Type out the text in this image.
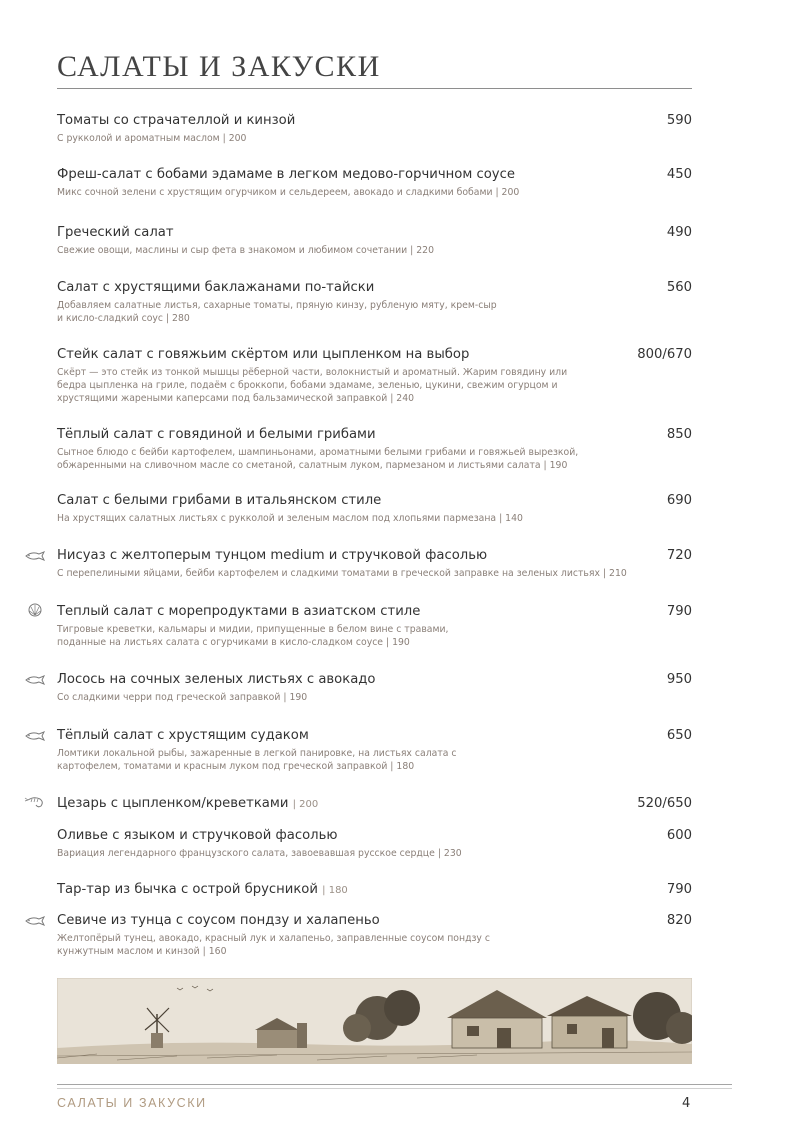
САЛАТЫ И ЗАКУСКИ
Томаты со страчателлой и кинзой	590
С рукколой и ароматным маслом | 200
Фреш-салат с бобами эдамаме в легком медово-горчичном соусе	450
Микс сочной зелени с хрустящим огурчиком и сельдереем, авокадо и сладкими бобами | 200
Греческий салат	490
Свежие овощи, маслины и сыр фета в знакомом и любимом сочетании | 220
Салат с хрустящими баклажанами по-тайски	560
Добавляем салатные листья, сахарные томаты, пряную кинзу, рубленую мяту, крем-сыр и кисло-сладкий соус | 280
Стейк салат с говяжьим скёртом или цыпленком на выбор	800/670
Скёрт — это стейк из тонкой мышцы рёберной части, волокнистый и ароматный. Жарим говядину или бедра цыпленка на гриле, подаём с броккопи, бобами эдамаме, зеленью, цукини, свежим огурцом и хрустящими жареными каперсами под бальзамической заправкой | 240
Тёплый салат с говядиной и белыми грибами	850
Сытное блюдо с бейби картофелем, шампиньонами, ароматными белыми грибами и говяжьей вырезкой, обжаренными на сливочном масле со сметаной, салатным луком, пармезаном и листьями салата | 190
Салат с белыми грибами в итальянском стиле	690
На хрустящих салатных листьях с рукколой и зеленым маслом под хлопьями пармезана | 140
Нисуаз с желтоперым тунцом medium и стручковой фасолью	720
С перепелиными яйцами, бейби картофелем и сладкими томатами в греческой заправке на зеленых листьях | 210
Теплый салат с морепродуктами в азиатском стиле	790
Тигровые креветки, кальмары и мидии, припущенные в белом вине с травами, поданные на листьях салата с огурчиками в кисло-сладком соусе | 190
Лосось на сочных зеленых листьях с авокадо	950
Со сладкими черри под греческой заправкой | 190
Тёплый салат с хрустящим судаком	650
Ломтики локальной рыбы, зажаренные в легкой панировке, на листьях салата с картофелем, томатами и красным луком под греческой заправкой | 180
Цезарь с цыпленком/креветками | 200	520/650
Оливье с языком и стручковой фасолью	600
Вариация легендарного французского салата, завоевавшая русское сердце | 230
Тар-тар из бычка с острой брусникой | 180	790
Севиче из тунца с соусом пондзу и халапеньо	820
Желтопёрый тунец, авокадо, красный лук и халапеньо, заправленные соусом пондзу с кунжутным маслом и кинзой | 160
САЛАТЫ И ЗАКУСКИ	4
